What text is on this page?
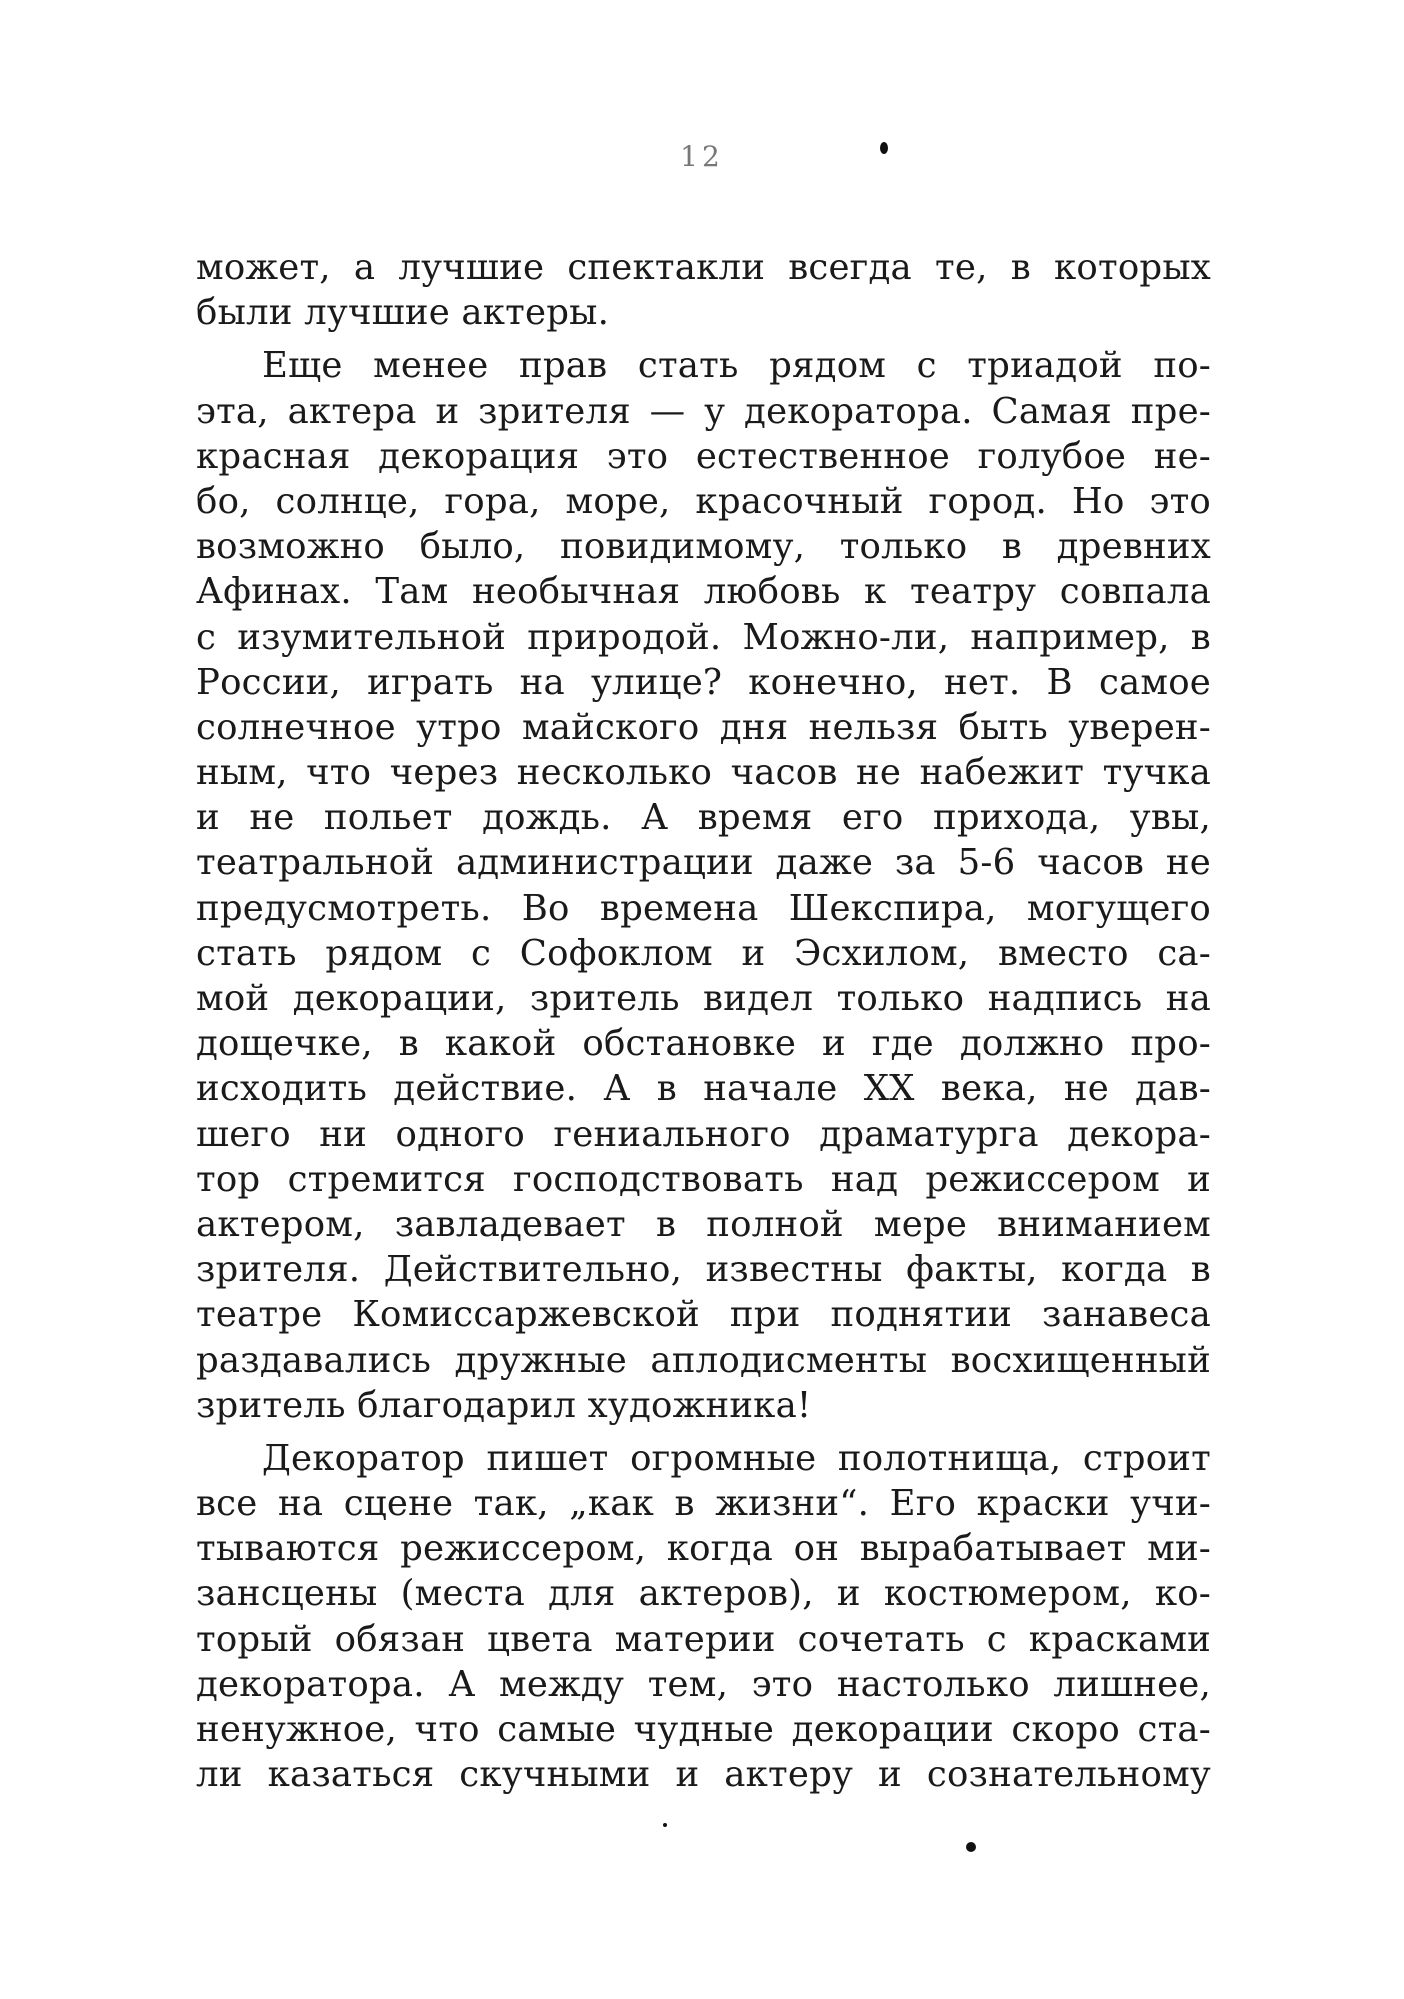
12
может, а лучшие спектакли всегда те, в которых
были лучшие актеры.
Еще менее прав стать рядом с триадой по-
эта, актера и зрителя — у декоратора. Самая пре-
красная декорация это естественное голубое не-
бо, солнце, гора, море, красочный город. Но это
возможно было, повидимому, только в древних
Афинах. Там необычная любовь к театру совпала
с изумительной природой. Можно-ли, например, в
России, играть на улице? конечно, нет. В самое
солнечное утро майского дня нельзя быть уверен-
ным, что через несколько часов не набежит тучка
и не польет дождь. А время его прихода, увы,
театральной администрации даже за 5-6 часов не
предусмотреть. Во времена Шекспира, могущего
стать рядом с Софоклом и Эсхилом, вместо са-
мой декорации, зритель видел только надпись на
дощечке, в какой обстановке и где должно про-
исходить действие. А в начале XX века, не дав-
шего ни одного гениального драматурга декора-
тор стремится господствовать над режиссером и
актером, завладевает в полной мере вниманием
зрителя. Действительно, известны факты, когда в
театре Комиссаржевской при поднятии занавеса
раздавались дружные аплодисменты восхищенный
зритель благодарил художника!
Декоратор пишет огромные полотнища, строит
все на сцене так, „как в жизни“. Его краски учи-
тываются режиссером, когда он вырабатывает ми-
зансцены (места для актеров), и костюмером, ко-
торый обязан цвета материи сочетать с красками
декоратора. А между тем, это настолько лишнее,
ненужное, что самые чудные декорации скоро ста-
ли казаться скучными и актеру и сознательному
